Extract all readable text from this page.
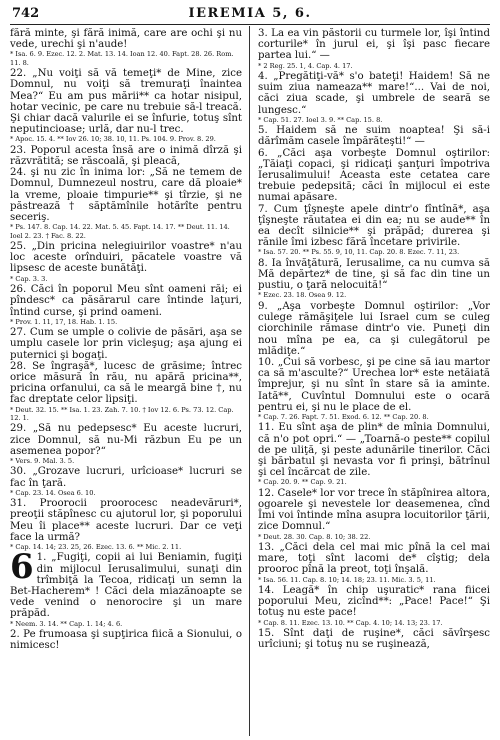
742	IEREMIA 5, 6.

fără minte, şi fără inimă, care are ochi şi nu vede, urechi şi n'aude!

* Isa. 6. 9. Ezec. 12. 2. Mat. 13. 14. Ioan 12. 40. Fapt. 28. 26. Rom. 11. 8.

22. „Nu voiţi să vă temeţi* de Mine, zice Domnul, nu voiţi să tremuraţi înaintea Mea?“ Eu am pus mării** ca hotar nisipul, hotar vecinic, pe care nu trebuie să-l treacă. Şi chiar dacă valurile ei se înfurie, totuş sînt neputincioase; urlă, dar nu-l trec.

* Apoc. 15. 4. ** Iov 26. 10; 38. 10, 11. Ps. 104. 9. Prov. 8. 29.

23. Poporul acesta însă are o inimă dîrză şi răzvrătită; se răscoală, şi pleacă,

24. şi nu zic în inima lor: „Să ne temem de Domnul, Dumnezeul nostru, care dă ploaie* la vreme, ploaie timpurie** şi tîrzie, şi ne păstrează † săptămînile hotărîte pentru seceriş.

* Ps. 147. 8. Cap. 14. 22. Mat. 5. 45. Fapt. 14. 17. ** Deut. 11. 14. Ioel 2. 23. † Fac. 8. 22.

25. „Din pricina nelegiuirilor voastre* n'au loc aceste orînduiri, păcatele voastre vă lipsesc de aceste bunătăţi.

* Cap. 3. 3.

26. Căci în poporul Meu sînt oameni răi; ei pîndesc* ca păsărarul care întinde laţuri, întind curse, şi prind oameni.

* Prov. 1. 11, 17, 18. Hab. 1. 15.

27. Cum se umple o colivie de păsări, aşa se umplu casele lor prin vicleşug; aşa ajung ei puternici şi bogaţi.

28. Se îngraşă*, lucesc de grăsime; întrec orice măsură în rău, nu apără pricina**, pricina orfanului, ca să le meargă bine †, nu fac dreptate celor lipsiţi.

* Deut. 32. 15. ** Isa. 1. 23. Zah. 7. 10. † Iov 12. 6. Ps. 73. 12. Cap. 12. 1.

29. „Să nu pedepsesc* Eu aceste lucruri, zice Domnul, să nu-Mi răzbun Eu pe un asemenea popor?“

* Vers. 9. Mal. 3. 5.

30. „Grozave lucruri, urîcioase* lucruri se fac în ţară.

* Cap. 23. 14. Osea 6. 10.

31. Proorocii proorocesc neadevăruri*, preoţii stăpînesc cu ajutorul lor, şi poporului Meu îi place** aceste lucruri. Dar ce veţi face la urmă?

* Cap. 14. 14; 23. 25, 26. Ezec. 13. 6. ** Mic. 2. 11.

6 1. „Fugiţi, copii ai lui Beniamin, fugiţi din mijlocul Ierusalimului, sunaţi din trîmbiţă la Tecoa, ridicaţi un semn la Bet-Hacherem* ! Căci dela miazănoapte se vede venind o nenorocire şi un mare prăpăd.

* Neem. 3. 14. ** Cap. 1. 14; 4. 6.

2. Pe frumoasa şi supţirica fiică a Sionului, o nimicesc!

3. La ea vin păstorii cu turmele lor, îşi întind corturile* în jurul ei, şi îşi pasc fiecare partea lui.“ —

* 2 Reg. 25. 1, 4. Cap. 4. 17.

4. „Pregătiţi-vă* s'o bateţi! Haidem! Să ne suim ziua nameaza** mare!“... Vai de noi, căci ziua scade, şi umbrele de seară se lungesc.“

* Cap. 51. 27. Ioel 3. 9. ** Cap. 15. 8.

5. Haidem să ne suim noaptea! Şi să-i dărîmăm casele împărăteşti!“ —

6. „Căci aşa vorbeşte Domnul oştirilor: „Tăiaţi copaci, şi ridicaţi şanţuri împotriva Ierusalimului! Aceasta este cetatea care trebuie pedepsită; căci în mijlocul ei este numai apăsare.

7. Cum ţîşneşte apele dintr'o fîntînă*, aşa ţîşneşte răutatea ei din ea; nu se aude** în ea decît silnicie** şi prăpăd; durerea şi rănile îmi izbesc fără încetare privirile.

* Isa. 57. 20. ** Ps. 55. 9, 10, 11. Cap. 20. 8. Ezec. 7. 11, 23.

8. Ia învăţătură, Ierusalime, ca nu cumva să Mă depărtez* de tine, şi să fac din tine un pustiu, o ţară nelocuită!“

* Ezec. 23. 18. Osea 9. 12.

9. „Aşa vorbeşte Domnul oştirilor: „Vor culege rămăşiţele lui Israel cum se culeg ciorchinile rămase dintr'o vie. Puneţi din nou mîna pe ea, ca şi culegătorul pe mlădiţe.“

10. „Cui să vorbesc, şi pe cine să iau martor ca să m'asculte?“ Urechea lor* este netăiată împrejur, şi nu sînt în stare să ia aminte. Iată**, Cuvîntul Domnului este o ocară pentru ei, şi nu le place de el.

* Cap. 7. 26. Fapt. 7. 51. Exod. 6. 12. ** Cap. 20. 8.

11. Eu sînt aşa de plin* de mînia Domnului, că n'o pot opri.“ — „Toarnă-o peste** copilul de pe uliţă, şi peste adunările tinerilor. Căci şi bărbatul şi nevasta vor fi prinşi, bătrînul şi cel încărcat de zile.

* Cap. 20. 9. ** Cap. 9. 21.

12. Casele* lor vor trece în stăpînirea altora, ogoarele şi nevestele lor deasemenea, cînd Îmi voi întinde mîna asupra locuitorilor ţării, zice Domnul.“

* Deut. 28. 30. Cap. 8. 10; 38. 22.

13. „Căci dela cel mai mic pînă la cel mai mare, toţi sînt lacomi de* cîştig; dela prooroc pînă la preot, toţi înşală.

* Isa. 56. 11. Cap. 8. 10; 14. 18; 23. 11. Mic. 3. 5, 11.

14. Leagă* în chip uşuratic* rana fiicei poporului Meu, zicînd**: „Pace! Pace!“ Şi totuş nu este pace!

* Cap. 8. 11. Ezec. 13. 10. ** Cap. 4. 10; 14. 13; 23. 17.

15. Sînt daţi de ruşine*, căci săvîrşesc urîciuni; şi totuş nu se ruşinează,
